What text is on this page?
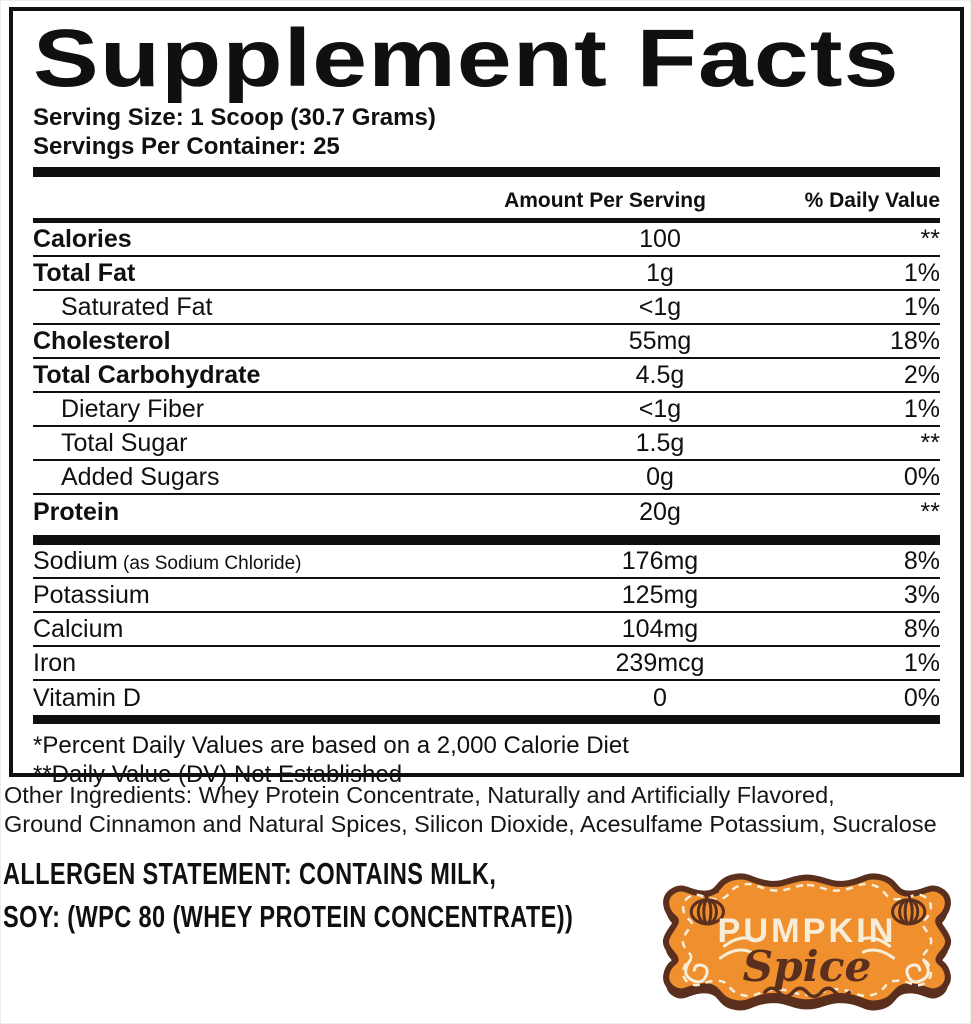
Supplement Facts
Serving Size: 1 Scoop (30.7 Grams)
Servings Per Container: 25
Amount Per Serving	% Daily Value
Calories	100	**
Total Fat	1g	1%
Saturated Fat	<1g	1%
Cholesterol	55mg	18%
Total Carbohydrate	4.5g	2%
Dietary Fiber	<1g	1%
Total Sugar	1.5g	**
Added Sugars	0g	0%
Protein	20g	**
Sodium (as Sodium Chloride)	176mg	8%
Potassium	125mg	3%
Calcium	104mg	8%
Iron	239mcg	1%
Vitamin D	0	0%
*Percent Daily Values are based on a 2,000 Calorie Diet
**Daily Value (DV) Not Established
Other Ingredients: Whey Protein Concentrate, Naturally and Artificially Flavored,
Ground Cinnamon and Natural Spices, Silicon Dioxide, Acesulfame Potassium, Sucralose
ALLERGEN STATEMENT: CONTAINS MILK,
SOY: (WPC 80 (WHEY PROTEIN CONCENTRATE))	PUMPKIN
Spice
